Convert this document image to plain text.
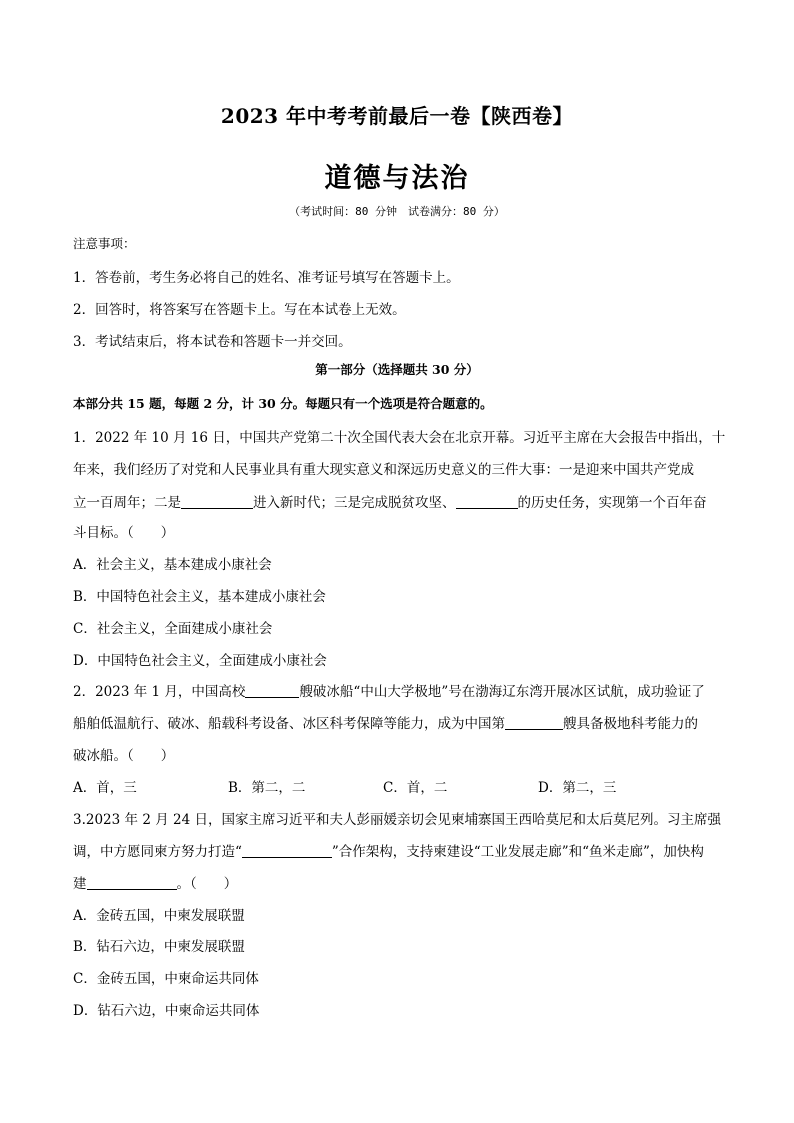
2023 年中考考前最后一卷【陕西卷】
道德与法治
（考试时间：80 分钟　试卷满分：80 分）
注意事项：
1．答卷前，考生务必将自己的姓名、准考证号填写在答题卡上。
2．回答时，将答案写在答题卡上。写在本试卷上无效。
3．考试结束后，将本试卷和答题卡一并交回。
第一部分（选择题共 30 分）
本部分共 15 题，每题 2 分，计 30 分。每题只有一个选项是符合题意的。
1．2022 年 10 月 16 日，中国共产党第二十次全国代表大会在北京开幕。习近平主席在大会报告中指出，十
年来，我们经历了对党和人民事业具有重大现实意义和深远历史意义的三件大事：一是迎来中国共产党成
立一百周年；二是	进入新时代；三是完成脱贫攻坚、	的历史任务，实现第一个百年奋
斗目标。（　　）
A．社会主义，基本建成小康社会
B．中国特色社会主义，基本建成小康社会
C．社会主义，全面建成小康社会
D．中国特色社会主义，全面建成小康社会
2．2023 年 1 月，中国高校	艘破冰船“中山大学极地”号在渤海辽东湾开展冰区试航，成功验证了
船舶低温航行、破冰、船载科考设备、冰区科考保障等能力，成为中国第	艘具备极地科考能力的
破冰船。（　　）
A．首，三	B．第二，二	C．首，二	D．第二，三
3.2023 年 2 月 24 日，国家主席习近平和夫人彭丽媛亲切会见柬埔寨国王西哈莫尼和太后莫尼列。习主席强
调，中方愿同柬方努力打造“	”合作架构，支持柬建设“工业发展走廊”和“鱼米走廊”，加快构
建	。（　　）
A．金砖五国，中柬发展联盟
B．钻石六边，中柬发展联盟
C．金砖五国，中柬命运共同体
D．钻石六边，中柬命运共同体
